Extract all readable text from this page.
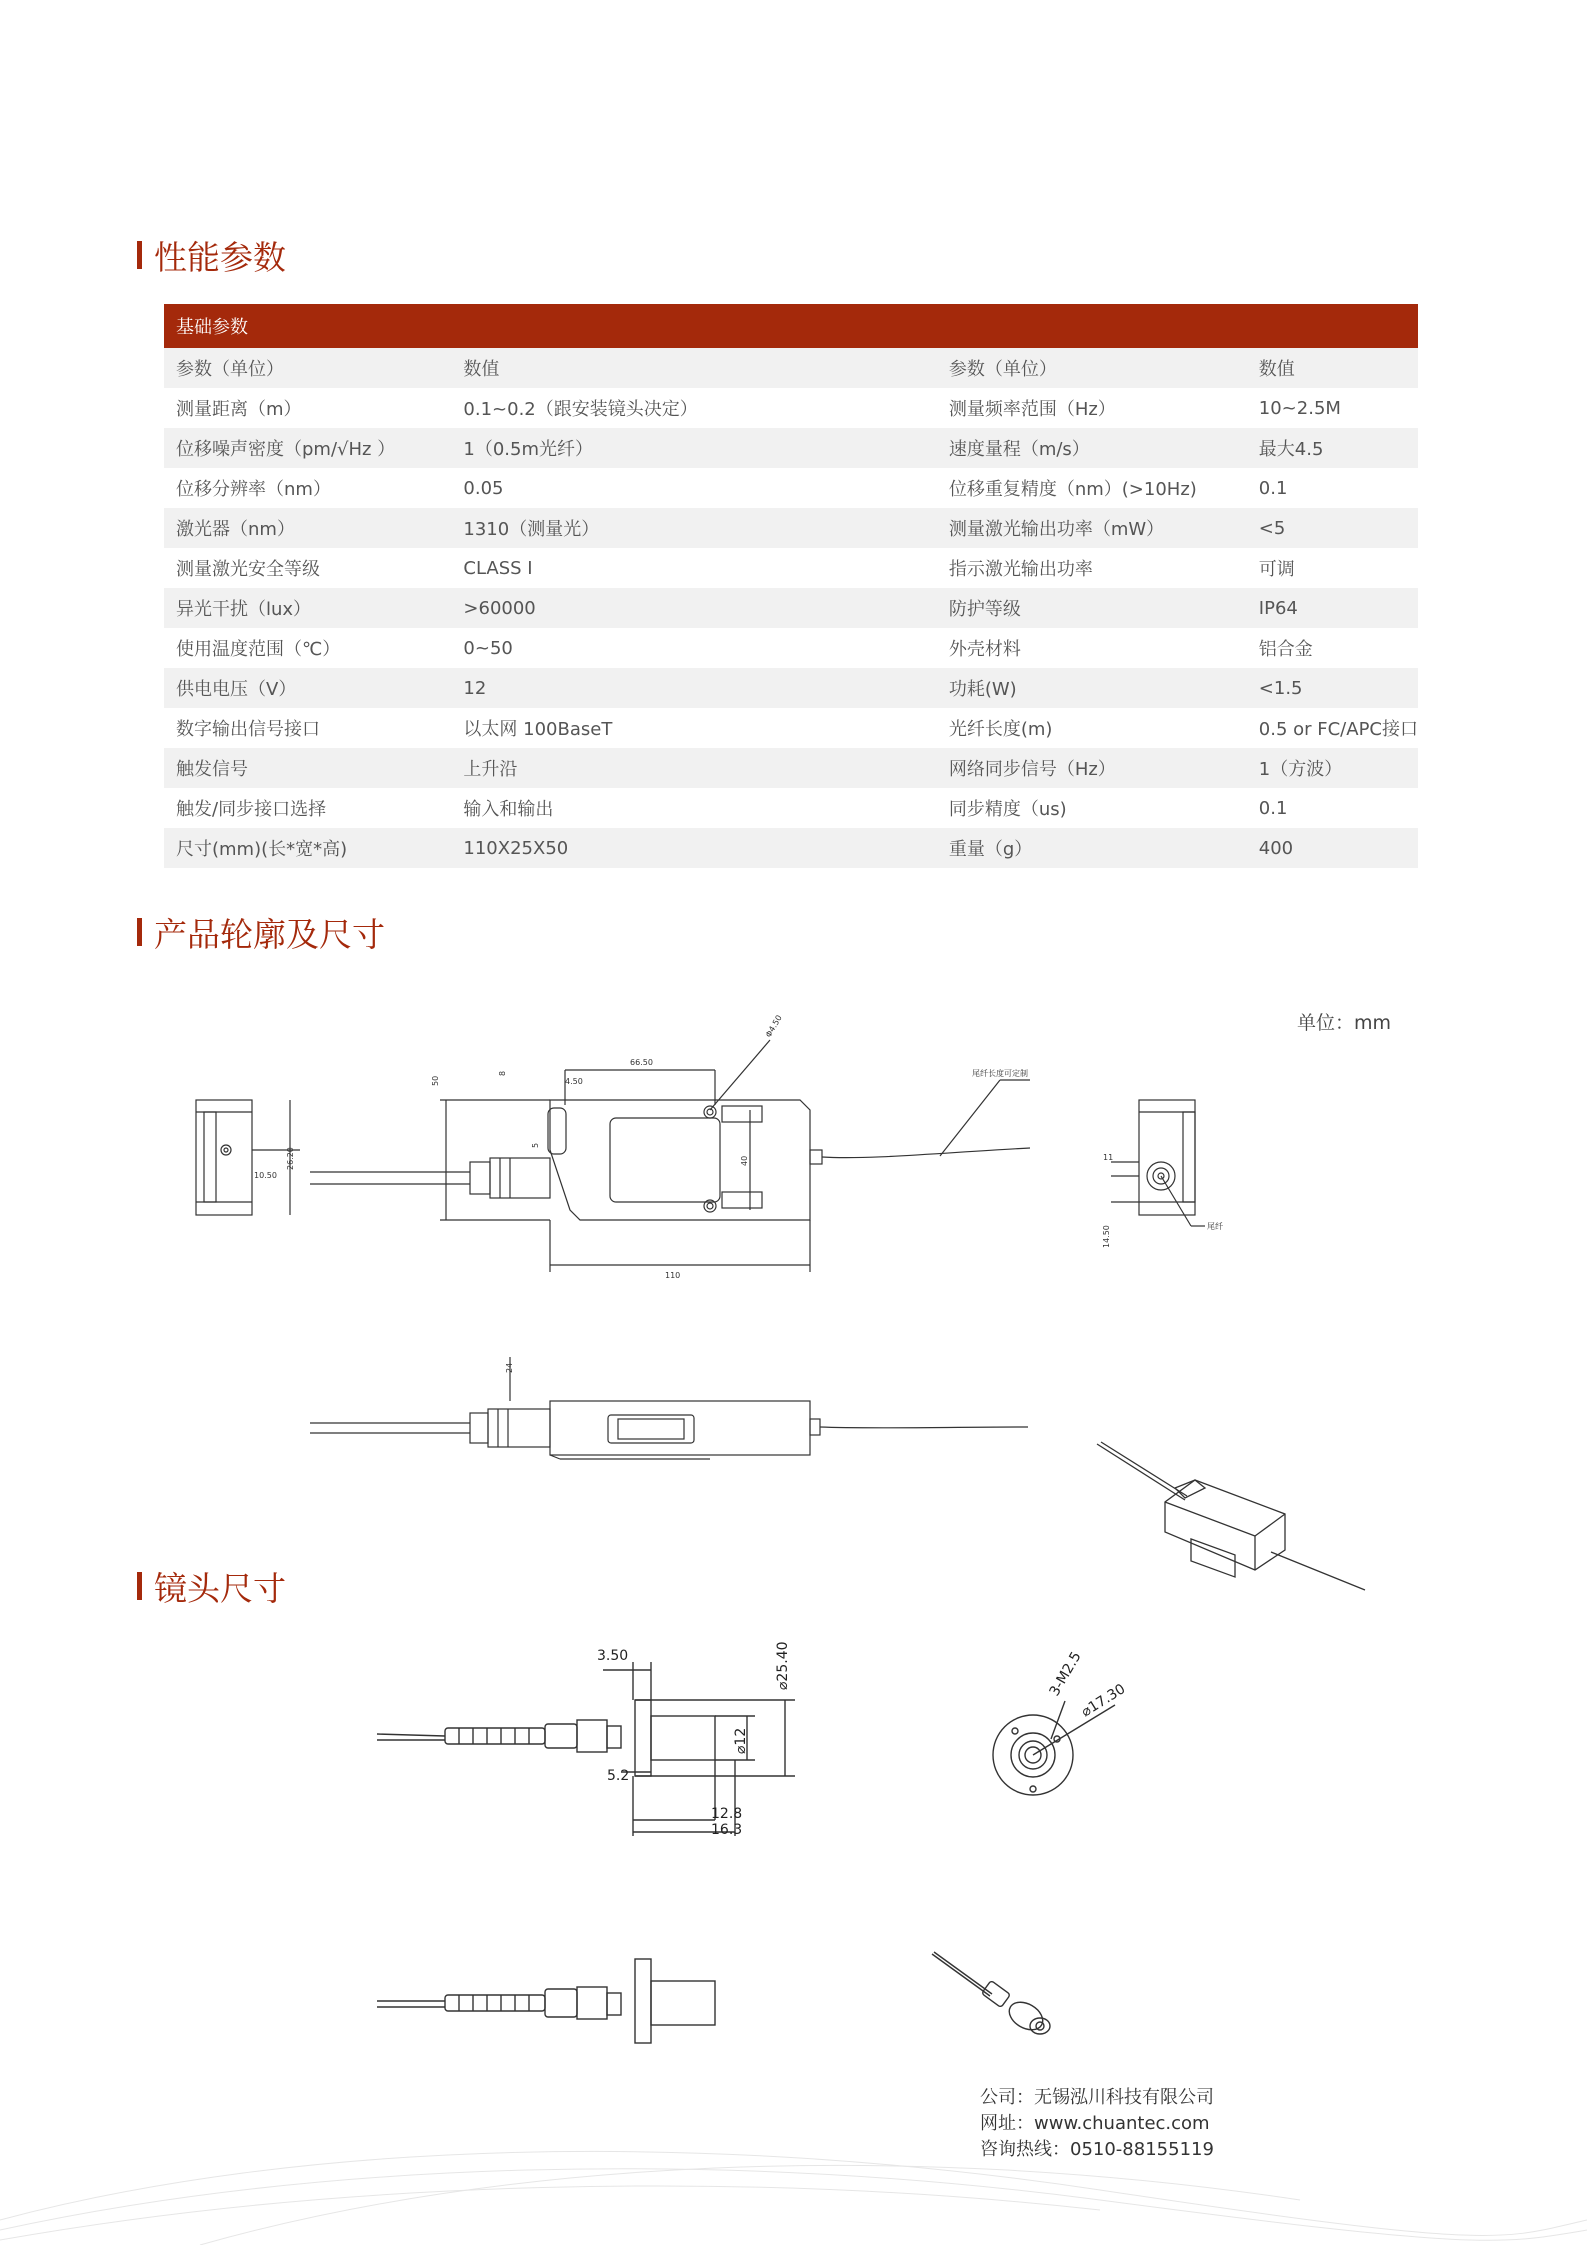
性能参数
基础参数			
参数（单位）	数值	参数（单位）	数值
测量距离（m）	0.1~0.2（跟安装镜头决定）	测量频率范围（Hz）	10~2.5M
位移噪声密度（pm/√Hz ）	1（0.5m光纤）	速度量程（m/s）	最大4.5
位移分辨率（nm）	0.05	位移重复精度（nm）(>10Hz)	0.1
激光器（nm）	1310（测量光）	测量激光输出功率（mW）	<5
测量激光安全等级	CLASS I	指示激光输出功率	可调
异光干扰（lux）	>60000	防护等级	IP64
使用温度范围（℃）	0~50	外壳材料	铝合金
供电电压（V）	12	功耗(W)	<1.5
数字输出信号接口	以太网 100BaseT	光纤长度(m)	0.5 or FC/APC接口
触发信号	上升沿	网络同步信号（Hz）	1（方波）
触发/同步接口选择	输入和输出	同步精度（us)	0.1
尺寸(mm)(长*宽*高)	110X25X50	重量（g）	400
产品轮廓及尺寸
单位：mm
26.20
10.50
110
66.50
4.50
50
8
40
5
Φ4.50
尾纤长度可定制
11
14.50	尾纤
24
镜头尺寸
3.50	⌀25.40
⌀12
5.2
12.8
16.3
3-M2.5
⌀17.30
公司：无锡泓川科技有限公司
网址：www.chuantec.com
咨询热线：0510-88155119
